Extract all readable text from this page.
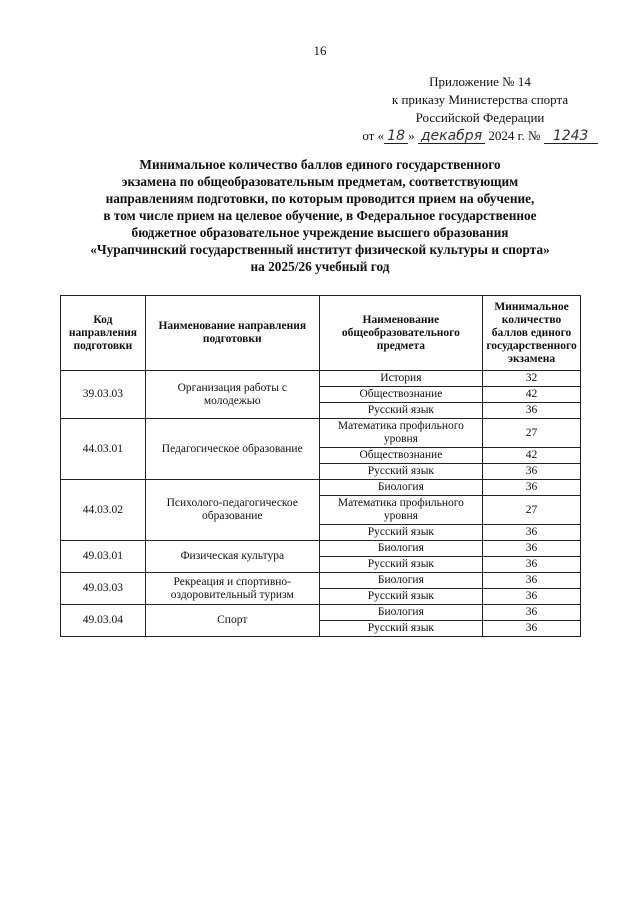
16
Приложение № 14
к приказу Министерства спорта
Российской Федерации
от « 18 » декабря 2024 г. № 1243
Минимальное количество баллов единого государственного
экзамена по общеобразовательным предметам, соответствующим
направлениям подготовки, по которым проводится прием на обучение,
в том числе прием на целевое обучение, в Федеральное государственное
бюджетное образовательное учреждение высшего образования
«Чурапчинский государственный институт физической культуры и спорта»
на 2025/26 учебный год
Код направления подготовки	Наименование направления подготовки	Наименование общеобразовательного предмета	Минимальное количество баллов единого государственного экзамена
39.03.03	Организация работы с молодежью	История	32
		Обществознание	42
		Русский язык	36
44.03.01	Педагогическое образование	Математика профильного уровня	27
		Обществознание	42
		Русский язык	36
44.03.02	Психолого-педагогическое образование	Биология	36
		Математика профильного уровня	27
		Русский язык	36
49.03.01	Физическая культура	Биология	36
		Русский язык	36
49.03.03	Рекреация и спортивно-оздоровительный туризм	Биология	36
		Русский язык	36
49.03.04	Спорт	Биология	36
		Русский язык	36
